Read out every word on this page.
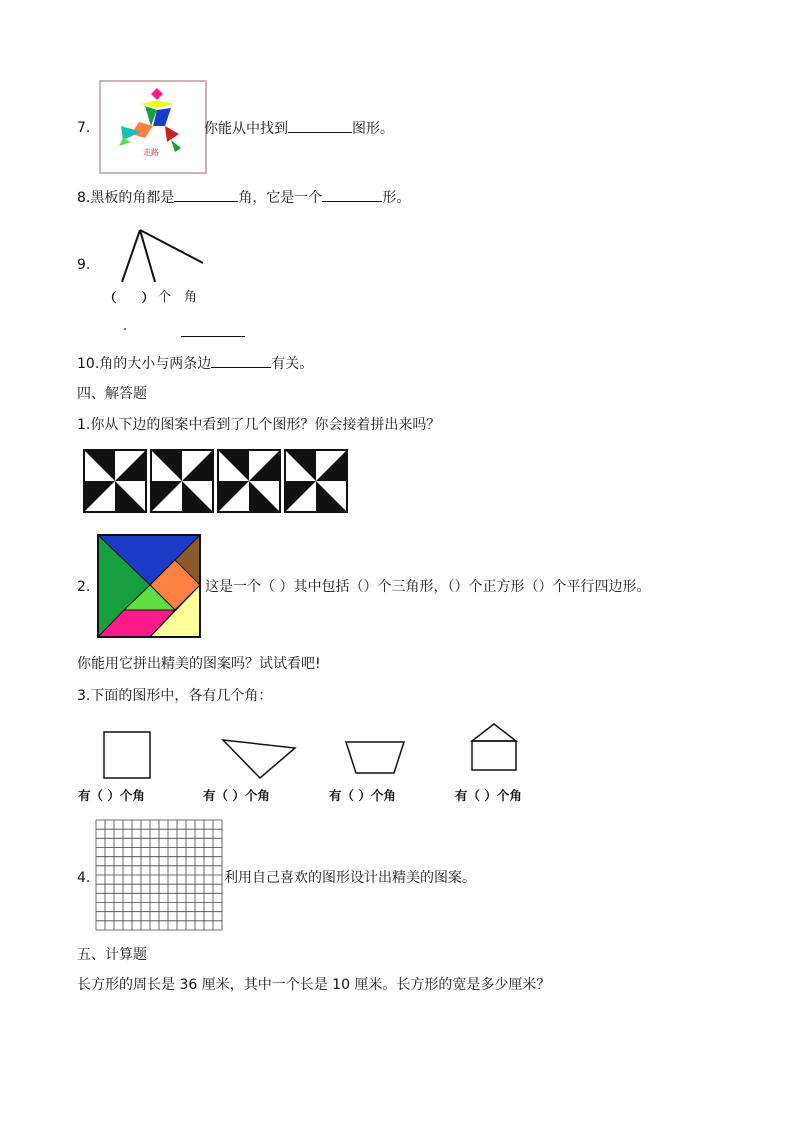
7.
走路
你能从中找到	图形。
8.黑板的角都是	角，它是一个	形。
9.
（　　） 个 角
10.角的大小与两条边	有关。
四、解答题
1.你从下边的图案中看到了几个图形？你会接着拼出来吗？
2.	这是一个（ ）其中包括（）个三角形，（）个正方形（）个平行四边形。
你能用它拼出精美的图案吗？试试看吧!
3.下面的图形中，各有几个角：
有（ ）个角	有（ ）个角	有（ ）个角	有（ ）个角
4.	利用自己喜欢的图形设计出精美的图案。
五、计算题
长方形的周长是 36 厘米，其中一个长是 10 厘米。长方形的宽是多少厘米？
